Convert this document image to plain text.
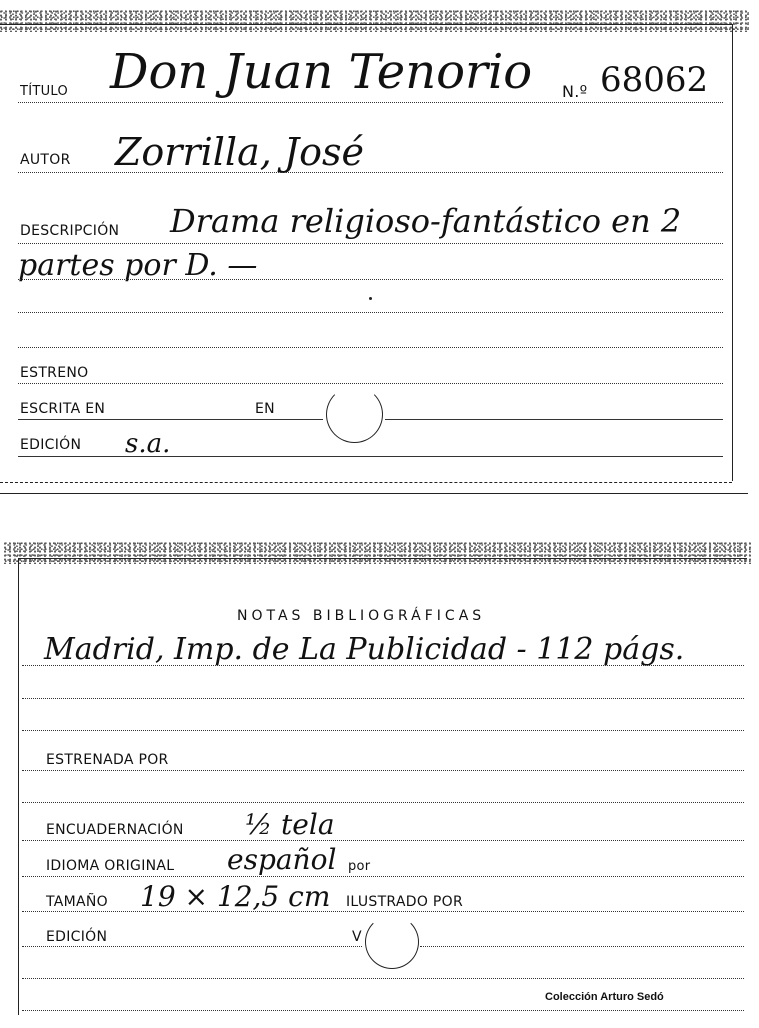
TÍTULO Don Juan Tenorio N.º 68062
AUTOR Zorrilla, José
DESCRIPCIÓN Drama religioso-fantástico en 2
partes por D. —
ESTRENO
ESCRITA EN	EN
EDICIÓN s.a.
NOTAS BIBLIOGRÁFICAS
Madrid, Imp. de La Publicidad - 112 págs.
ESTRENADA POR
ENCUADERNACIÓN ½ tela
IDIOMA ORIGINAL español por
TAMAÑO 19 × 12,5 cm ILUSTRADO POR
EDICIÓN	V
Colección Arturo Sedó
